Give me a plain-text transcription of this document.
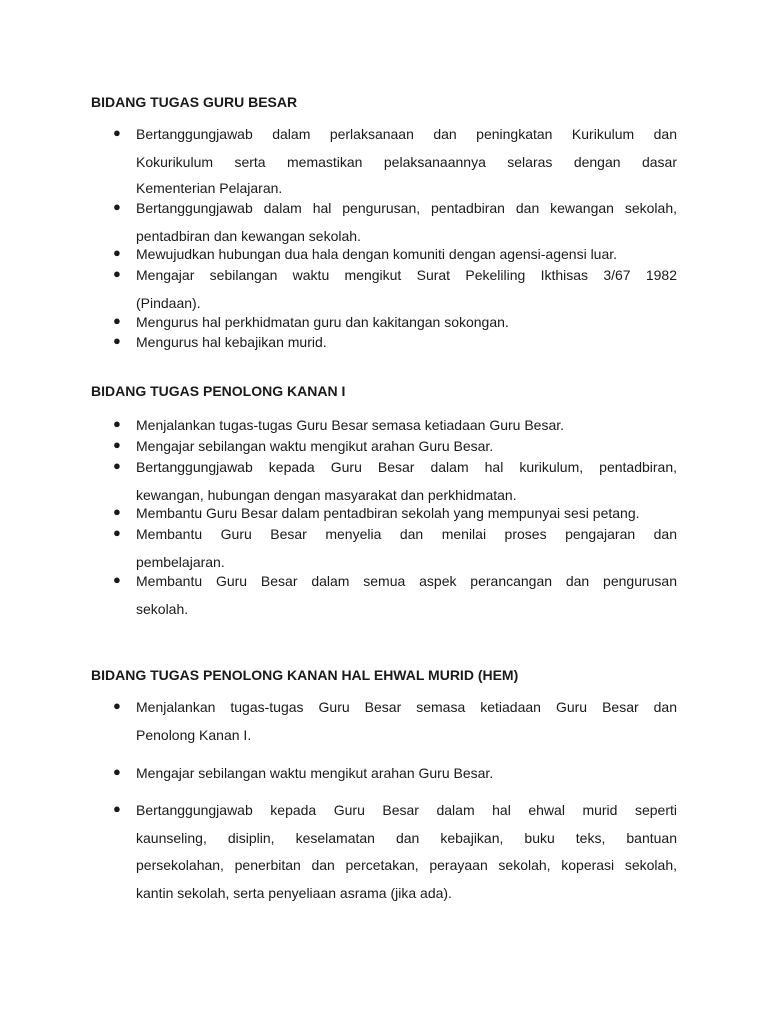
BIDANG TUGAS GURU BESAR
●	Bertanggungjawab dalam perlaksanaan dan peningkatan Kurikulum dan
Kokurikulum serta memastikan pelaksanaannya selaras dengan dasar
Kementerian Pelajaran.
●	Bertanggungjawab dalam hal pengurusan, pentadbiran dan kewangan sekolah,
pentadbiran dan kewangan sekolah.
●	Mewujudkan hubungan dua hala dengan komuniti dengan agensi-agensi luar.
●	Mengajar sebilangan waktu mengikut Surat Pekeliling Ikthisas 3/67 1982
(Pindaan).
●	Mengurus hal perkhidmatan guru dan kakitangan sokongan.
●	Mengurus hal kebajikan murid.
BIDANG TUGAS PENOLONG KANAN I
●	Menjalankan tugas-tugas Guru Besar semasa ketiadaan Guru Besar.
●	Mengajar sebilangan waktu mengikut arahan Guru Besar.
●	Bertanggungjawab kepada Guru Besar dalam hal kurikulum, pentadbiran,
kewangan, hubungan dengan masyarakat dan perkhidmatan.
●	Membantu Guru Besar dalam pentadbiran sekolah yang mempunyai sesi petang.
●	Membantu Guru Besar menyelia dan menilai proses pengajaran dan
pembelajaran.
●	Membantu Guru Besar dalam semua aspek perancangan dan pengurusan
sekolah.
BIDANG TUGAS PENOLONG KANAN HAL EHWAL MURID (HEM)
●	Menjalankan tugas-tugas Guru Besar semasa ketiadaan Guru Besar dan
Penolong Kanan I.
●	Mengajar sebilangan waktu mengikut arahan Guru Besar.
●	Bertanggungjawab kepada Guru Besar dalam hal ehwal murid seperti
kaunseling, disiplin, keselamatan dan kebajikan, buku teks, bantuan
persekolahan, penerbitan dan percetakan, perayaan sekolah, koperasi sekolah,
kantin sekolah, serta penyeliaan asrama (jika ada).
